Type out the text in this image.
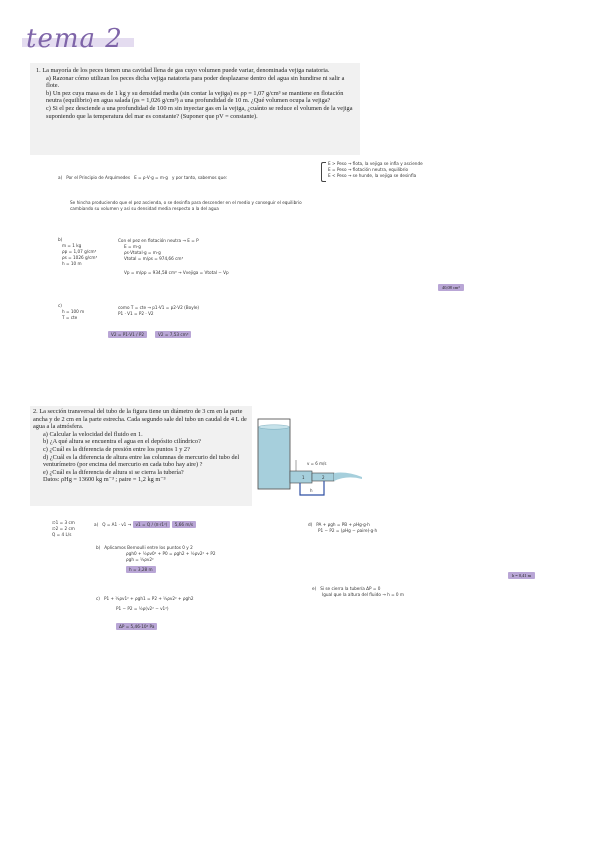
tema 2

1. La mayoría de los peces tienen una cavidad llena de gas cuyo volumen puede variar, denominada vejiga natatoria.

a) Razonar cómo utilizan los peces dicha vejiga natatoria para poder desplazarse dentro del agua sin hundirse ni salir a flote.

b) Un pez cuya masa es de 1 kg y su densidad media (sin contar la vejiga) es ρp = 1,07 g/cm³ se mantiene en flotación neutra (equilibrio) en agua salada (ρs = 1,026 g/cm³) a una profundidad de 10 m. ¿Qué volumen ocupa la vejiga?

c) Si el pez desciende a una profundidad de 100 m sin inyectar gas en la vejiga, ¿cuánto se reduce el volumen de la vejiga suponiendo que la temperatura del mar es constante? (Suponer que pV = constante).

a) Por el Principio de Arquímedes E = ρ·V·g = m·g y por tanto, sabemos que:
E > Peso → flota, la vejiga se infla y asciende
E = Peso → flotación neutra, equilibrio
E < Peso → se hunde, la vejiga se desinfla
Se hincha produciendo que el pez ascienda, o se desinfla para descender en el medio y conseguir el equilibrio
cambiando su volumen y así su densidad media respecto a la del agua
b)
m = 1 kg
ρp = 1,07 g/cm³
ρs = 1026 g/cm³
h = 10 m
Con el pez en flotación neutra → E = P
E = m·g
ρs·Vtotal·g = m·g
Vtotal = m/ρs = 974,66 cm³
Vp = m/ρp = 934,58 cm³ → Vvejiga = Vtotal − Vp
40,08 cm³
c)
h = 100 m
T = cte
como T = cte → p1·V1 = p2·V2 (Boyle)
P1 · V1 = P2 · V2
V2 = P1·V1 / P2	V2 = 7,53 cm³

2. La sección transversal del tubo de la figura tiene un diámetro de 3 cm en la parte ancha y de 2 cm en la parte estrecha. Cada segundo sale del tubo un caudal de 4 L de agua a la atmósfera.

a) Calcular la velocidad del fluido en 1.

b) ¿A qué altura se encuentra el agua en el depósito cilíndrico?

c) ¿Cuál es la diferencia de presión entre los puntos 1 y 2?

d) ¿Cuál es la diferencia de altura entre las columnas de mercurio del tubo del venturímetro (por encima del mercurio en cada tubo hay aire) ?

e) ¿Cuál es la diferencia de altura si se cierra la tubería?

Datos: ρHg = 13600 kg m⁻³ ; ρaire = 1,2 kg m⁻³

v = 6 m/s
1	2
h
∅1 = 3 cm
∅2 = 2 cm
Q = 4 L/s
a) Q = A1 · v1 → v1 = Q / (π·r1²) 5,66 m/s
b) Aplicamos Bernoulli entre los puntos 0 y 2
ρgh0 + ½ρv0² + P0 = ρgh2 + ½ρv2² + P2
ρgh = ½ρv2²
h = 3,28 m
c) P1 + ½ρv1² + ρgh1 = P2 + ½ρv2² + ρgh2
P1 − P2 = ½ρ(v2² − v1²)
ΔP = 5,46·10⁴ Pa
d) PA + ρgh = PB + ρHg·g·h
P1 − P2 = (ρHg − ρaire)·g·h
h = 0,41 m
e) Si se cierra la tubería ΔP = 0
Igual que la altura del fluido → h = 0 m
